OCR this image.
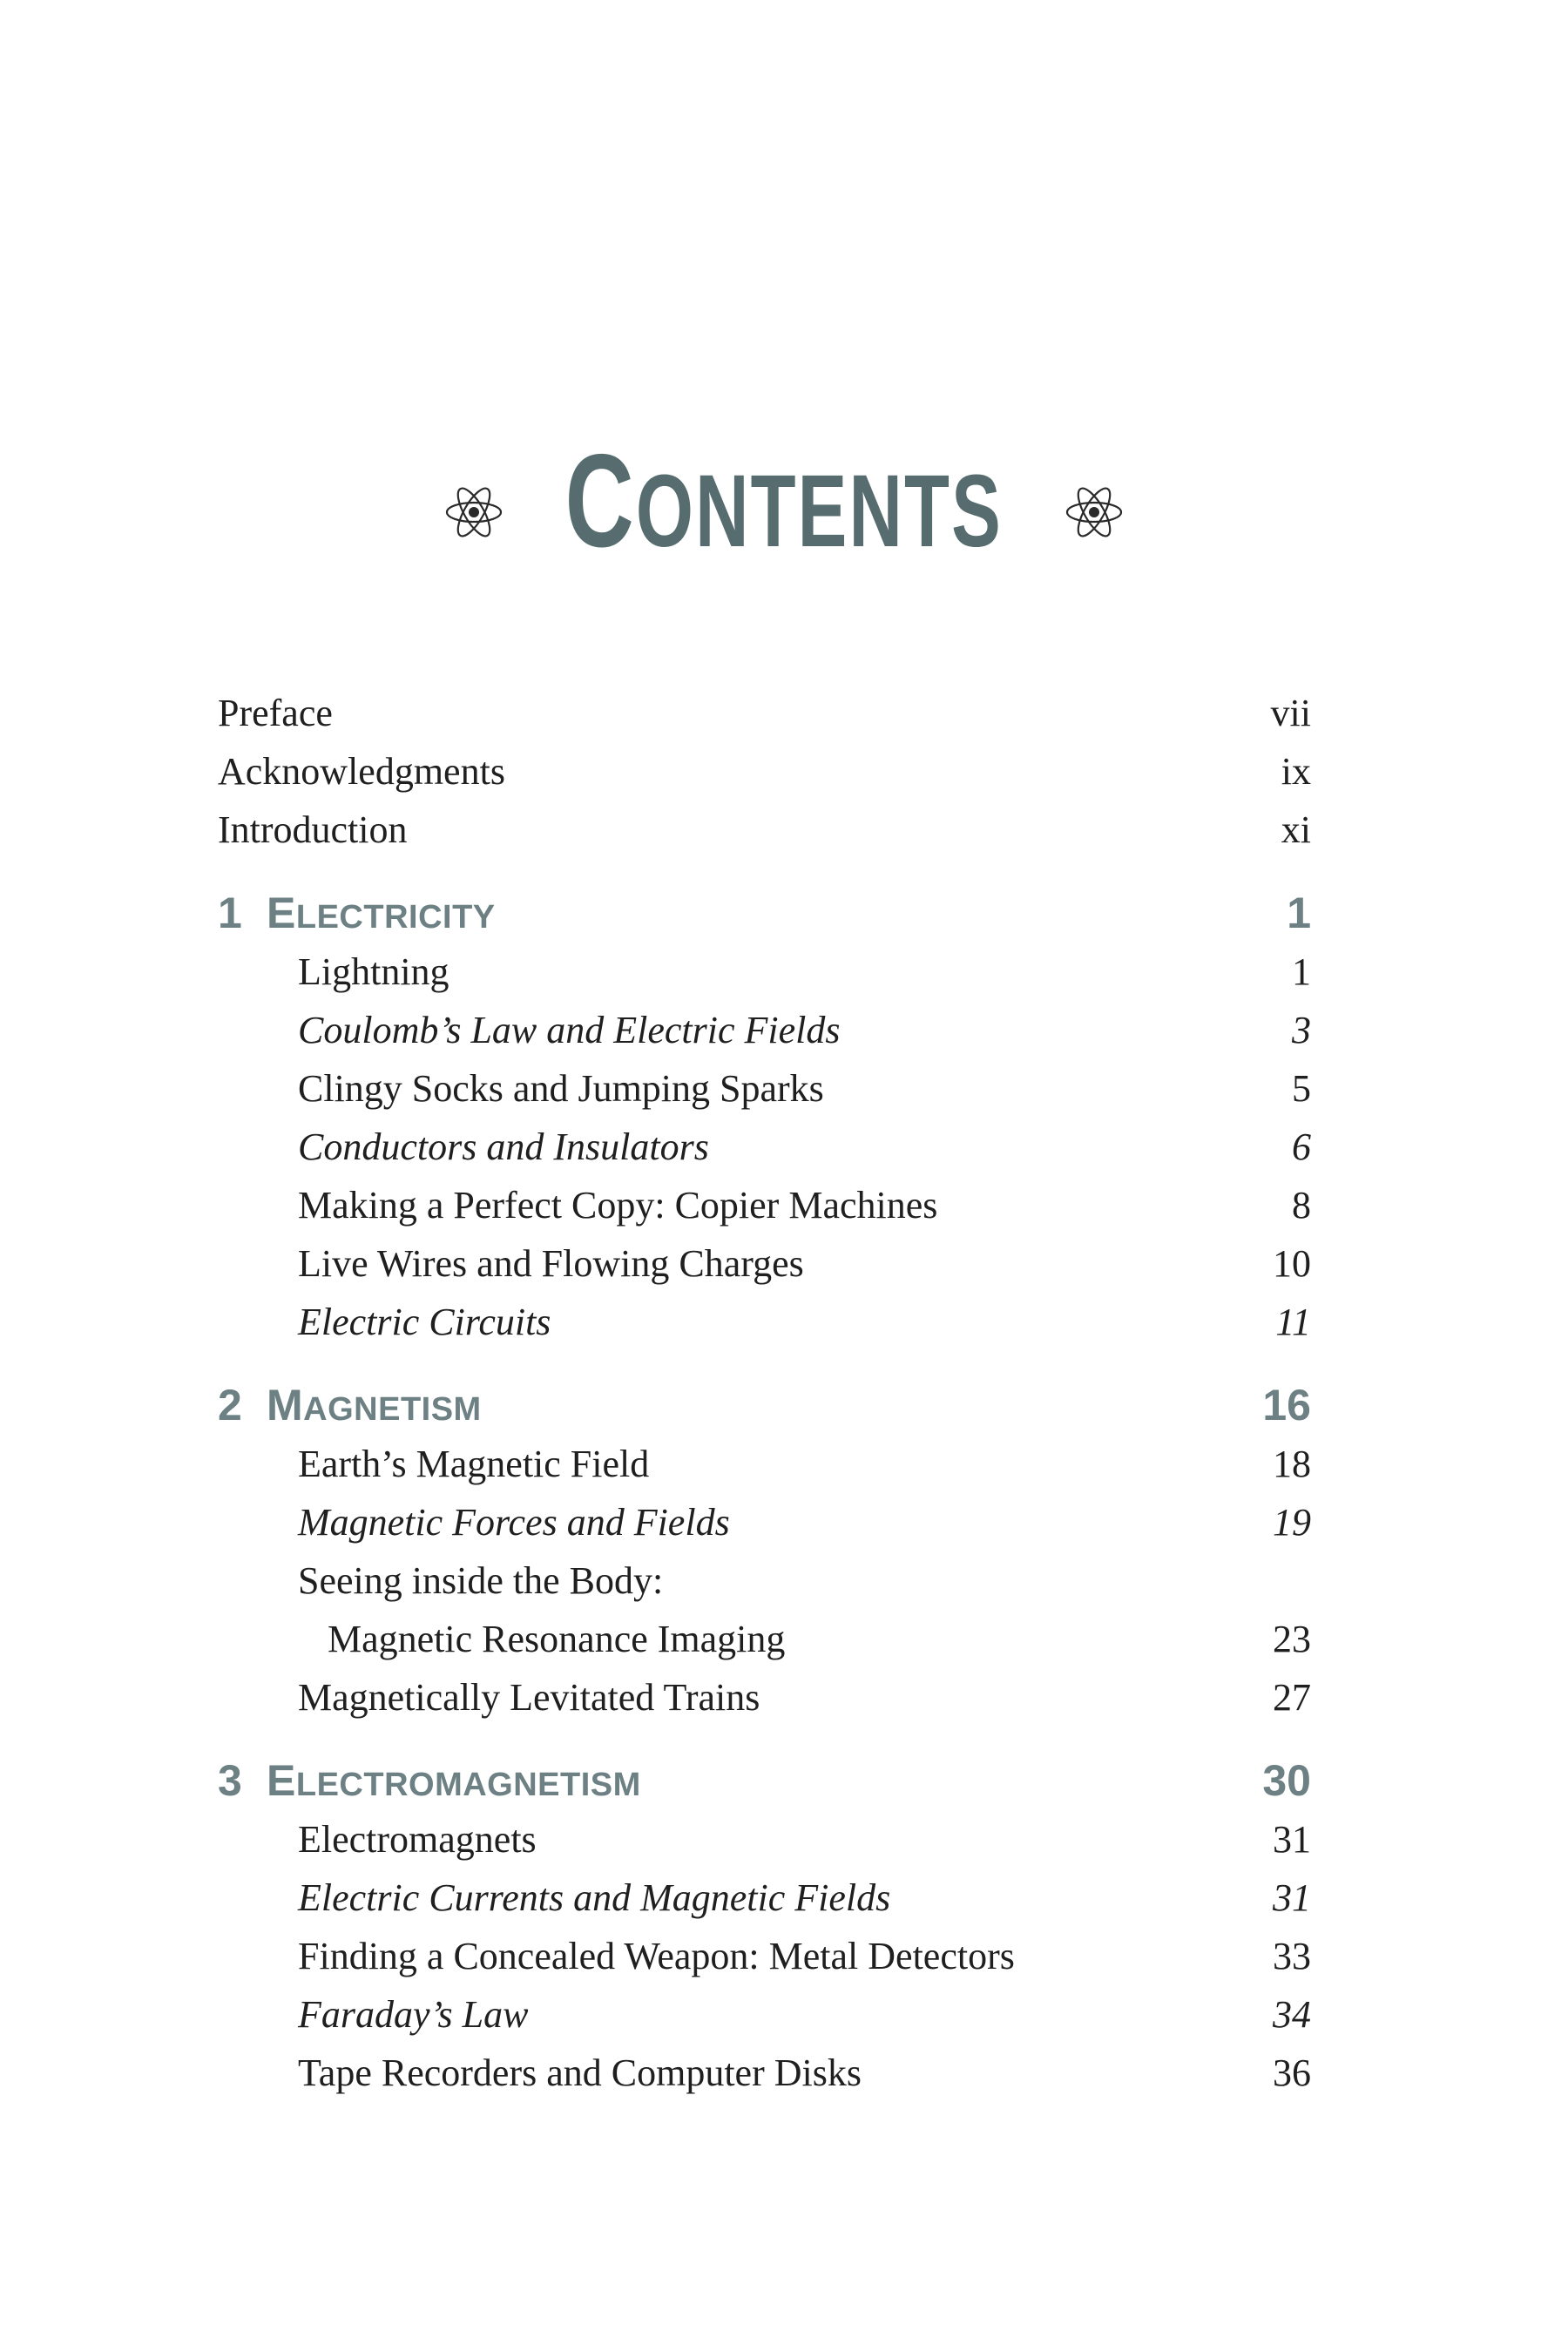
CONTENTS
Preface	vii
Acknowledgments	ix
Introduction	xi
1 ELECTRICITY	1
Lightning	1
Coulomb’s Law and Electric Fields	3
Clingy Socks and Jumping Sparks	5
Conductors and Insulators	6
Making a Perfect Copy: Copier Machines	8
Live Wires and Flowing Charges	10
Electric Circuits	11
2 MAGNETISM	16
Earth’s Magnetic Field	18
Magnetic Forces and Fields	19
Seeing inside the Body:
Magnetic Resonance Imaging	23
Magnetically Levitated Trains	27
3 ELECTROMAGNETISM	30
Electromagnets	31
Electric Currents and Magnetic Fields	31
Finding a Concealed Weapon: Metal Detectors	33
Faraday’s Law	34
Tape Recorders and Computer Disks	36
